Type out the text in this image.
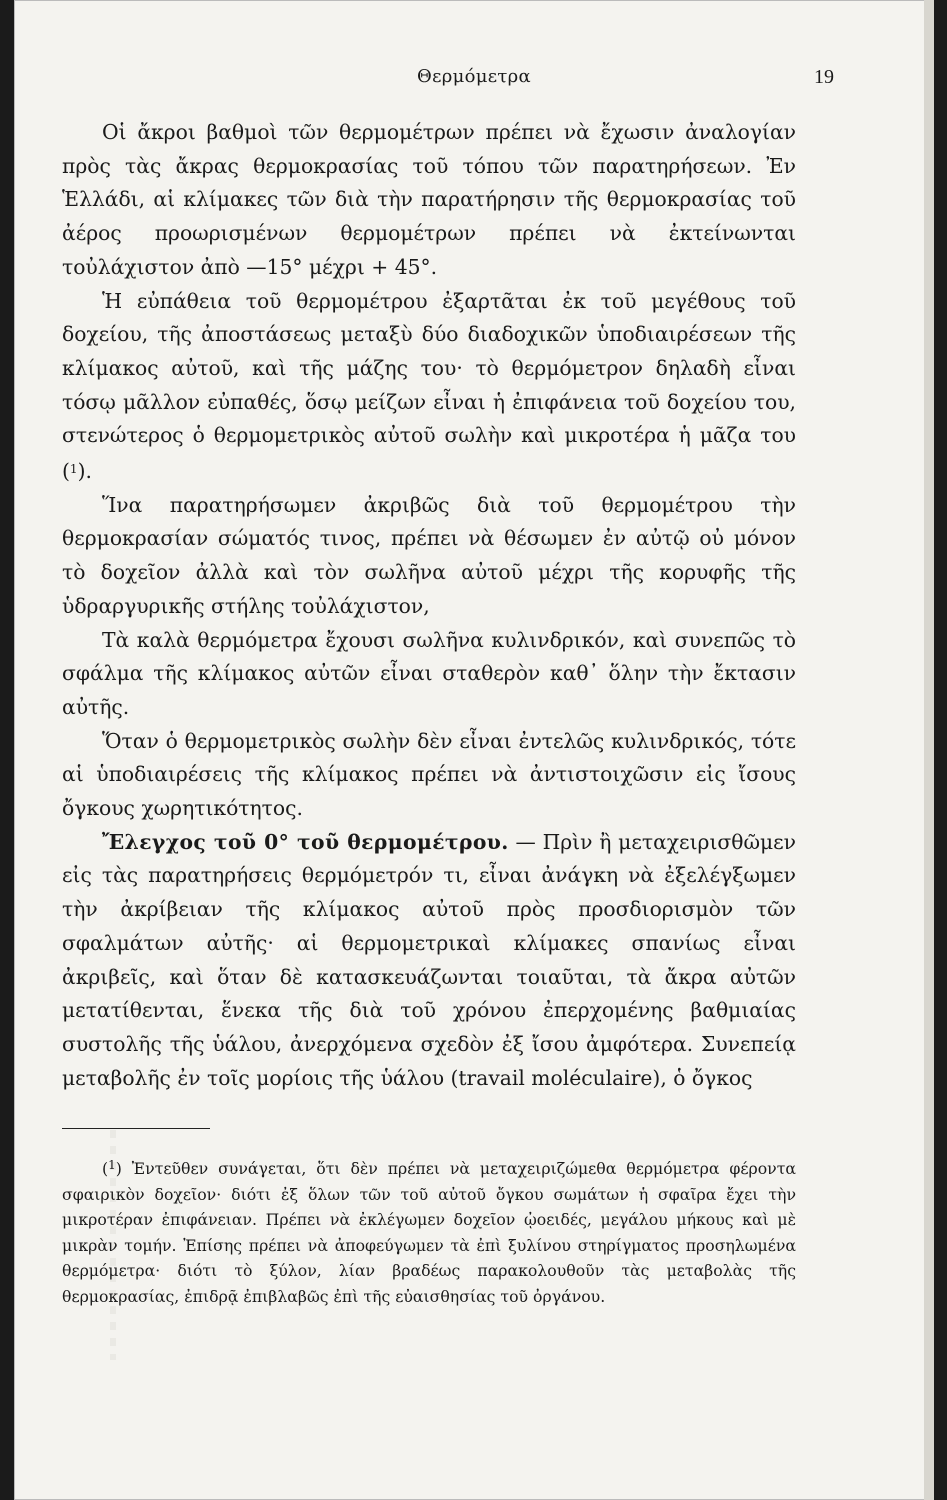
Θερμόμετρα	19

Οἱ ἄκροι βαθμοὶ τῶν θερμομέτρων πρέπει νὰ ἔχωσιν ἀναλογίαν πρὸς τὰς ἄκρας θερμοκρασίας τοῦ τόπου τῶν παρατηρήσεων. Ἐν Ἑλλάδι, αἱ κλίμακες τῶν διὰ τὴν παρατήρησιν τῆς θερμοκρασίας τοῦ ἀέρος προωρισμένων θερμομέτρων πρέπει νὰ ἐκτείνωνται τοὐλάχιστον ἀπὸ —15° μέχρι + 45°.

Ἡ εὐπάθεια τοῦ θερμομέτρου ἐξαρτᾶται ἐκ τοῦ μεγέθους τοῦ δοχείου, τῆς ἀποστάσεως μεταξὺ δύο διαδοχικῶν ὑποδιαιρέσεων τῆς κλίμακος αὐτοῦ, καὶ τῆς μάζης του· τὸ θερμόμετρον δηλαδὴ εἶναι τόσῳ μᾶλλον εὐπαθές, ὅσῳ μείζων εἶναι ἡ ἐπιφάνεια τοῦ δοχείου του, στενώτερος ὁ θερμομετρικὸς αὐτοῦ σωλὴν καὶ μικροτέρα ἡ μᾶζα του ($^1$).

Ἵνα παρατηρήσωμεν ἀκριβῶς διὰ τοῦ θερμομέτρου τὴν θερμοκρασίαν σώματός τινος, πρέπει νὰ θέσωμεν ἐν αὐτῷ οὐ μόνον τὸ δοχεῖον ἀλλὰ καὶ τὸν σωλῆνα αὐτοῦ μέχρι τῆς κορυφῆς τῆς ὑδραργυρικῆς στήλης τοὐλάχιστον,

Τὰ καλὰ θερμόμετρα ἔχουσι σωλῆνα κυλινδρικόν, καὶ συνεπῶς τὸ σφάλμα τῆς κλίμακος αὐτῶν εἶναι σταθερὸν καθ᾽ ὅλην τὴν ἔκτασιν αὐτῆς.

Ὅταν ὁ θερμομετρικὸς σωλὴν δὲν εἶναι ἐντελῶς κυλινδρικός, τότε αἱ ὑποδιαιρέσεις τῆς κλίμακος πρέπει νὰ ἀντιστοιχῶσιν εἰς ἴσους ὄγκους χωρητικότητος.

Ἔλεγχος τοῦ 0° τοῦ θερμομέτρου. — Πρὶν ἢ μεταχειρισθῶμεν εἰς τὰς παρατηρήσεις θερμόμετρόν τι, εἶναι ἀνάγκη νὰ ἐξελέγξωμεν τὴν ἀκρίβειαν τῆς κλίμακος αὐτοῦ πρὸς προσδιορισμὸν τῶν σφαλμάτων αὐτῆς· αἱ θερμομετρικαὶ κλίμακες σπανίως εἶναι ἀκριβεῖς, καὶ ὅταν δὲ κατασκευάζωνται τοιαῦται, τὰ ἄκρα αὐτῶν μετατίθενται, ἕνεκα τῆς διὰ τοῦ χρόνου ἐπερχομένης βαθμιαίας συστολῆς τῆς ὑάλου, ἀνερχόμενα σχεδὸν ἐξ ἴσου ἀμφότερα. Συνεπείᾳ μεταβολῆς ἐν τοῖς μορίοις τῆς ὑάλου (travail moléculaire), ὁ ὄγκος

($^1$) Ἐντεῦθεν συνάγεται, ὅτι δὲν πρέπει νὰ μεταχειριζώμεθα θερμόμετρα φέροντα σφαιρικὸν δοχεῖον· διότι ἐξ ὅλων τῶν τοῦ αὐτοῦ ὄγκου σωμάτων ἡ σφαῖρα ἔχει τὴν μικροτέραν ἐπιφάνειαν. Πρέπει νὰ ἐκλέγωμεν δοχεῖον ᾠοειδές, μεγάλου μήκους καὶ μὲ μικρὰν τομήν. Ἐπίσης πρέπει νὰ ἀποφεύγωμεν τὰ ἐπὶ ξυλίνου στηρίγματος προσηλωμένα θερμόμετρα· διότι τὸ ξύλον, λίαν βραδέως παρακολουθοῦν τὰς μεταβολὰς τῆς θερμοκρασίας, ἐπιδρᾷ ἐπιβλαβῶς ἐπὶ τῆς εὐαισθησίας τοῦ ὀργάνου.
